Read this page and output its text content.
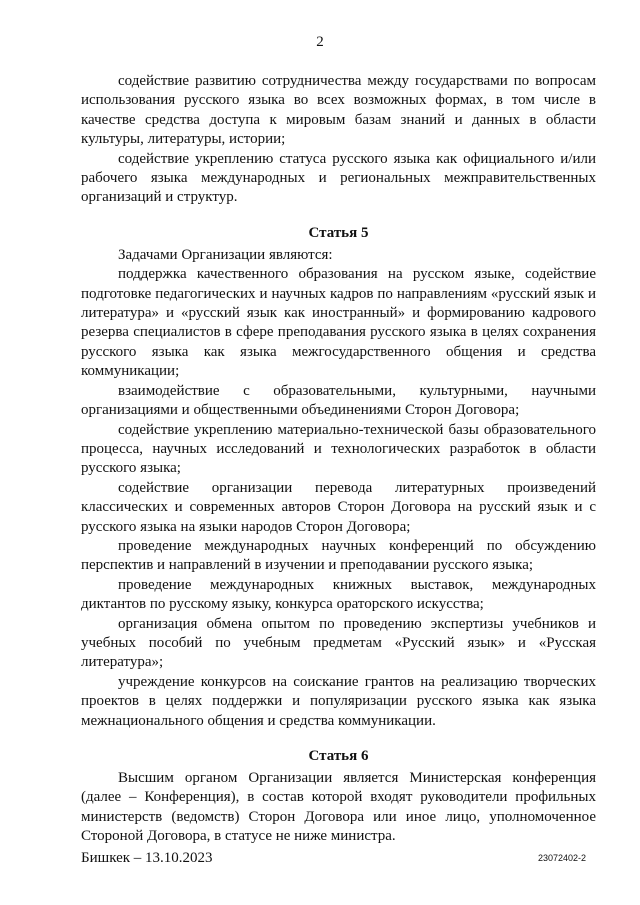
2

содействие развитию сотрудничества между государствами по вопросам использования русского языка во всех возможных формах, в том числе в качестве средства доступа к мировым базам знаний и данных в области культуры, литературы, истории;

содействие укреплению статуса русского языка как официального и/или рабочего языка международных и региональных межправительственных организаций и структур.

Статья 5

Задачами Организации являются:

поддержка качественного образования на русском языке, содействие подготовке педагогических и научных кадров по направлениям «русский язык и литература» и «русский язык как иностранный» и формированию кадрового резерва специалистов в сфере преподавания русского языка в целях сохранения русского языка как языка межгосударственного общения и средства коммуникации;

взаимодействие с образовательными, культурными, научными организациями и общественными объединениями Сторон Договора;

содействие укреплению материально-технической базы образовательного процесса, научных исследований и технологических разработок в области русского языка;

содействие организации перевода литературных произведений классических и современных авторов Сторон Договора на русский язык и с русского языка на языки народов Сторон Договора;

проведение международных научных конференций по обсуждению перспектив и направлений в изучении и преподавании русского языка;

проведение международных книжных выставок, международных диктантов по русскому языку, конкурса ораторского искусства;

организация обмена опытом по проведению экспертизы учебников и учебных пособий по учебным предметам «Русский язык» и «Русская литература»;

учреждение конкурсов на соискание грантов на реализацию творческих проектов в целях поддержки и популяризации русского языка как языка межнационального общения и средства коммуникации.

Статья 6

Высшим органом Организации является Министерская конференция (далее – Конференция), в состав которой входят руководители профильных министерств (ведомств) Сторон Договора или иное лицо, уполномоченное Стороной Договора, в статусе не ниже министра.

Бишкек – 13.10.2023	23072402-2
